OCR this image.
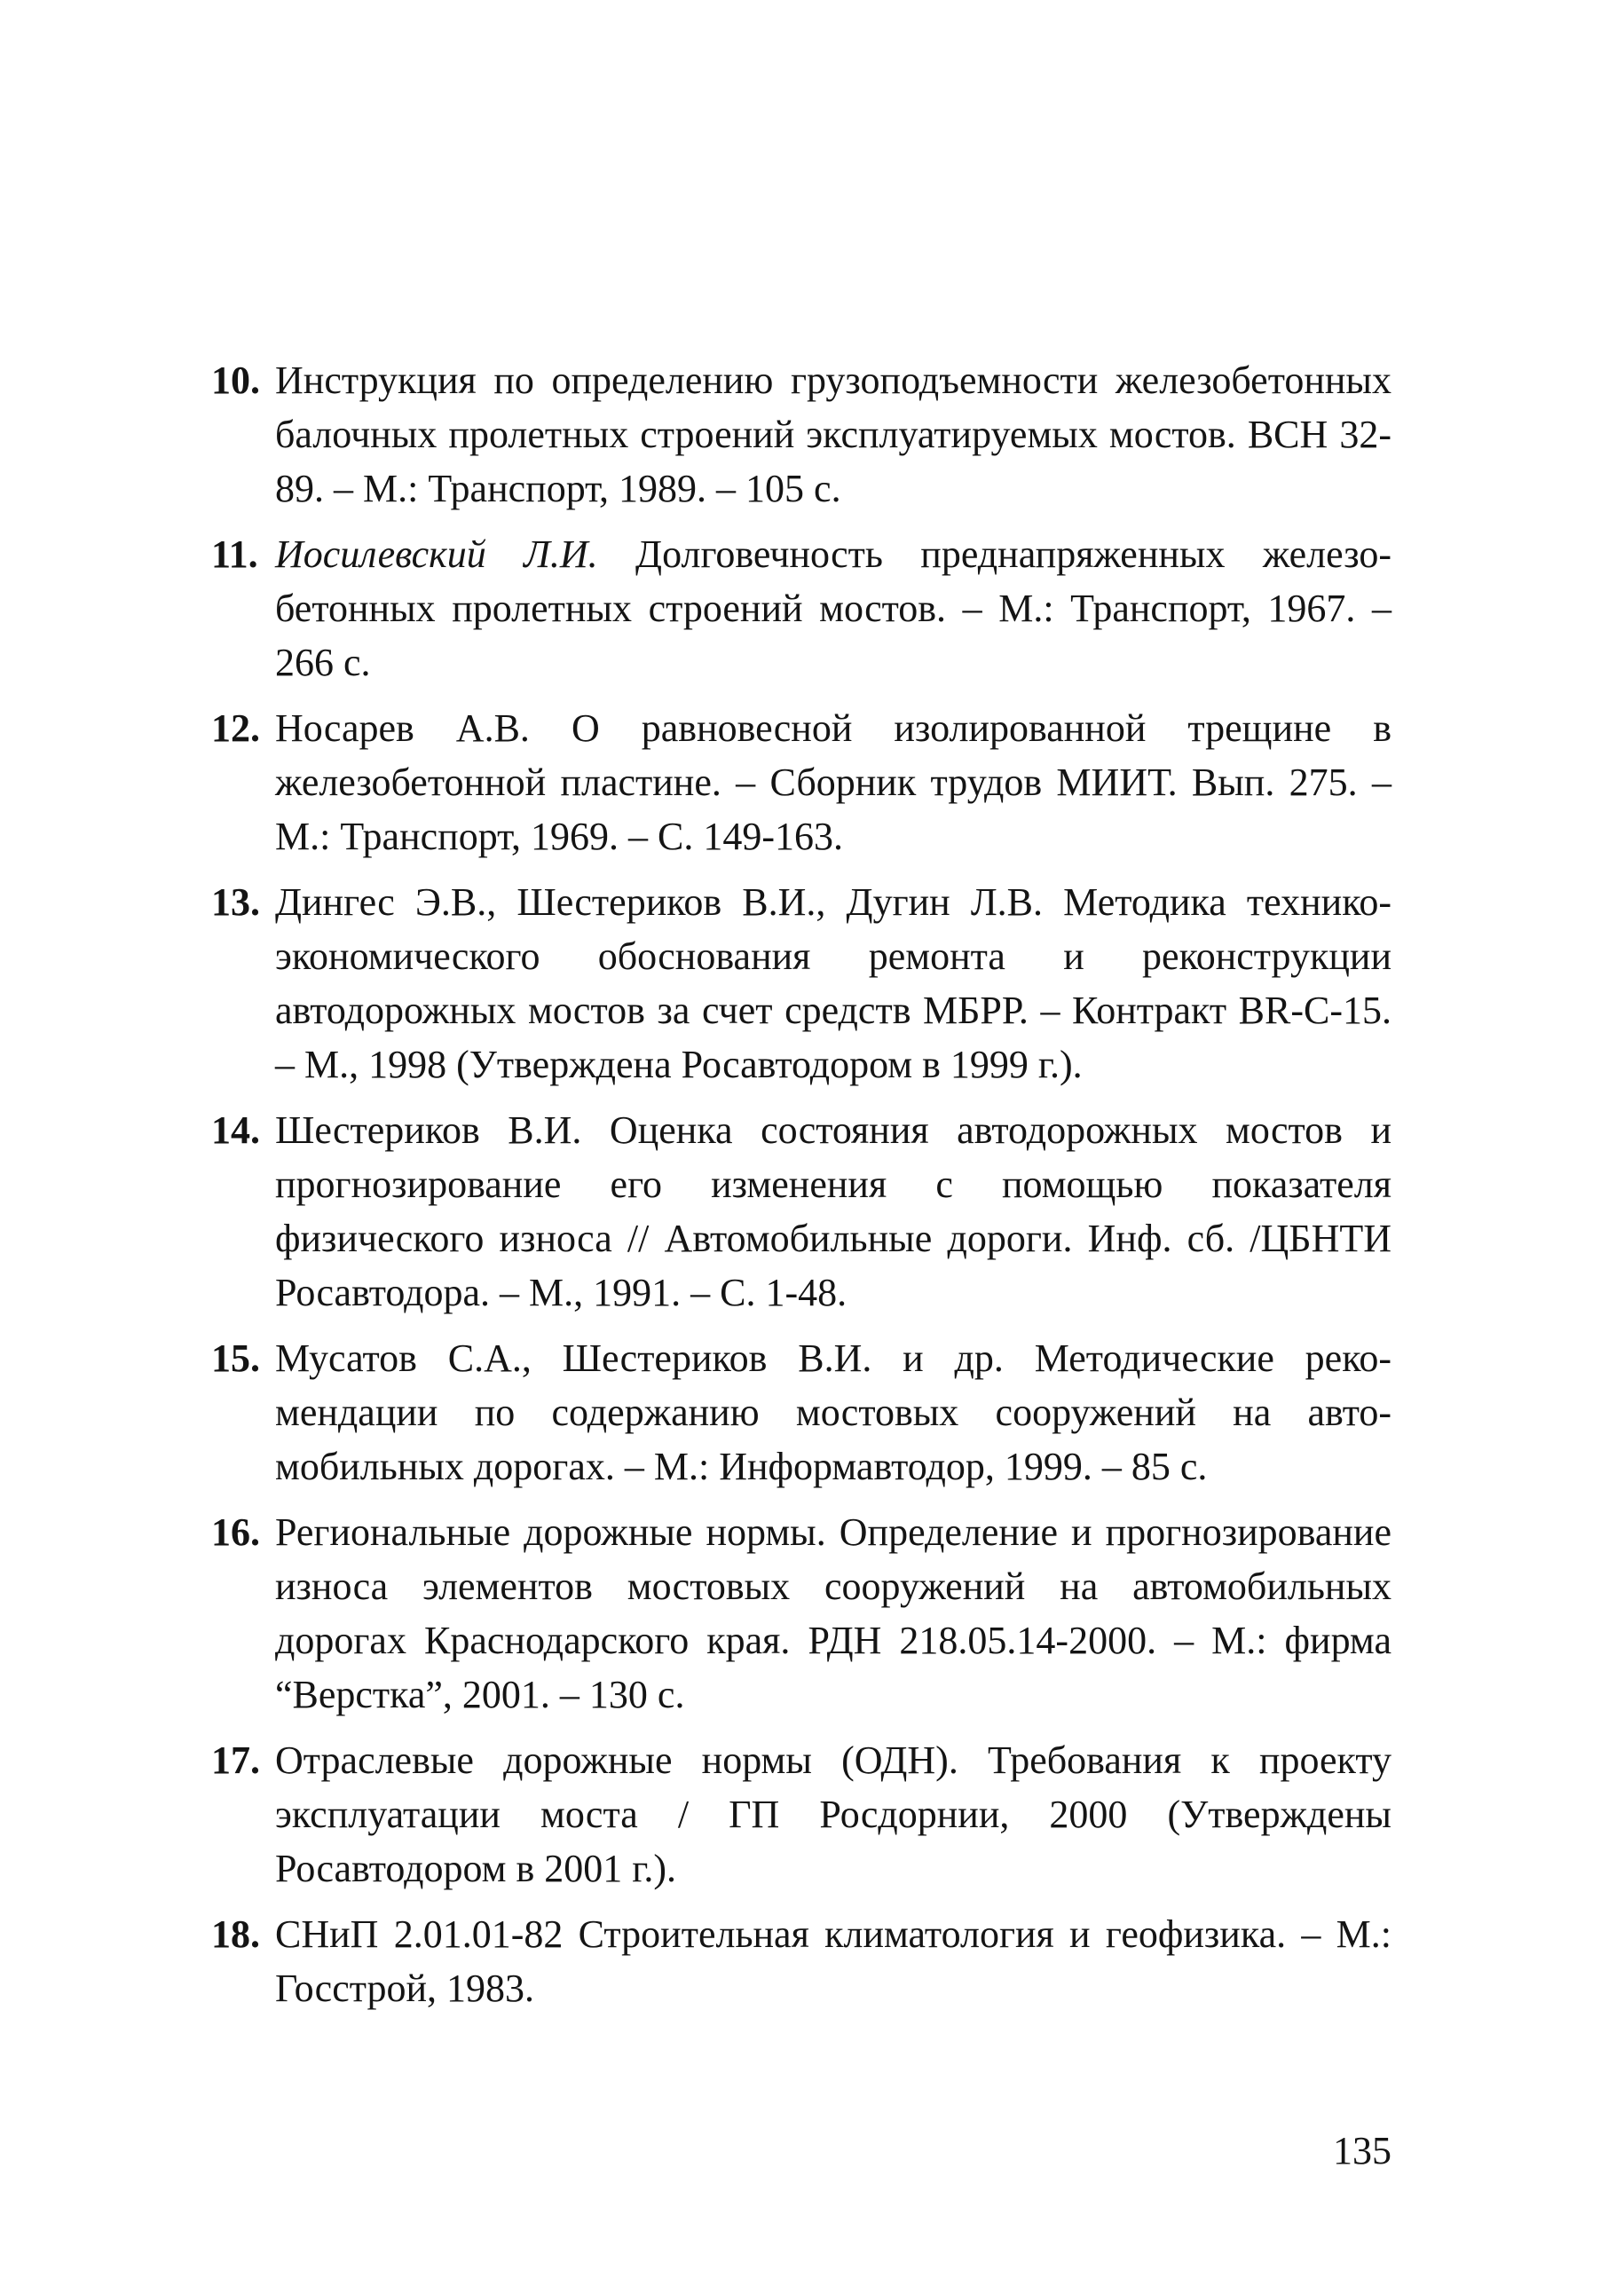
10. Инструкция по определению грузоподъемности железобетонных балочных пролетных строений эксплуатируемых мостов. ВСН 32-89. – М.: Транспорт, 1989. – 105 с.
11. Иосилевский Л.И. Долговечность преднапряженных железобетонных пролетных строений мостов. – М.: Транспорт, 1967. – 266 с.
12. Носарев А.В. О равновесной изолированной трещине в железобетонной пластине. – Сборник трудов МИИТ. Вып. 275. – М.: Транспорт, 1969. – С. 149-163.
13. Дингес Э.В., Шестериков В.И., Дугин Л.В. Методика технико-экономического обоснования ремонта и реконструкции автодорожных мостов за счет средств МБРР. – Контракт BR-C-15. – М., 1998 (Утверждена Росавтодором в 1999 г.).
14. Шестериков В.И. Оценка состояния автодорожных мостов и прогнозирование его изменения с помощью показателя физического износа // Автомобильные дороги. Инф. сб. /ЦБНТИ Росавтодора. – М., 1991. – С. 1-48.
15. Мусатов С.А., Шестериков В.И. и др. Методические рекомендации по содержанию мостовых сооружений на автомобильных дорогах. – М.: Информавтодор, 1999. – 85 с.
16. Региональные дорожные нормы. Определение и прогнозирование износа элементов мостовых сооружений на автомобильных дорогах Краснодарского края. РДН 218.05.14-2000. – М.: фирма “Верстка”, 2001. – 130 с.
17. Отраслевые дорожные нормы (ОДН). Требования к проекту эксплуатации моста / ГП Росдорнии, 2000 (Утверждены Росавтодором в 2001 г.).
18. СНиП 2.01.01-82 Строительная климатология и геофизика. – М.: Госстрой, 1983.
135
